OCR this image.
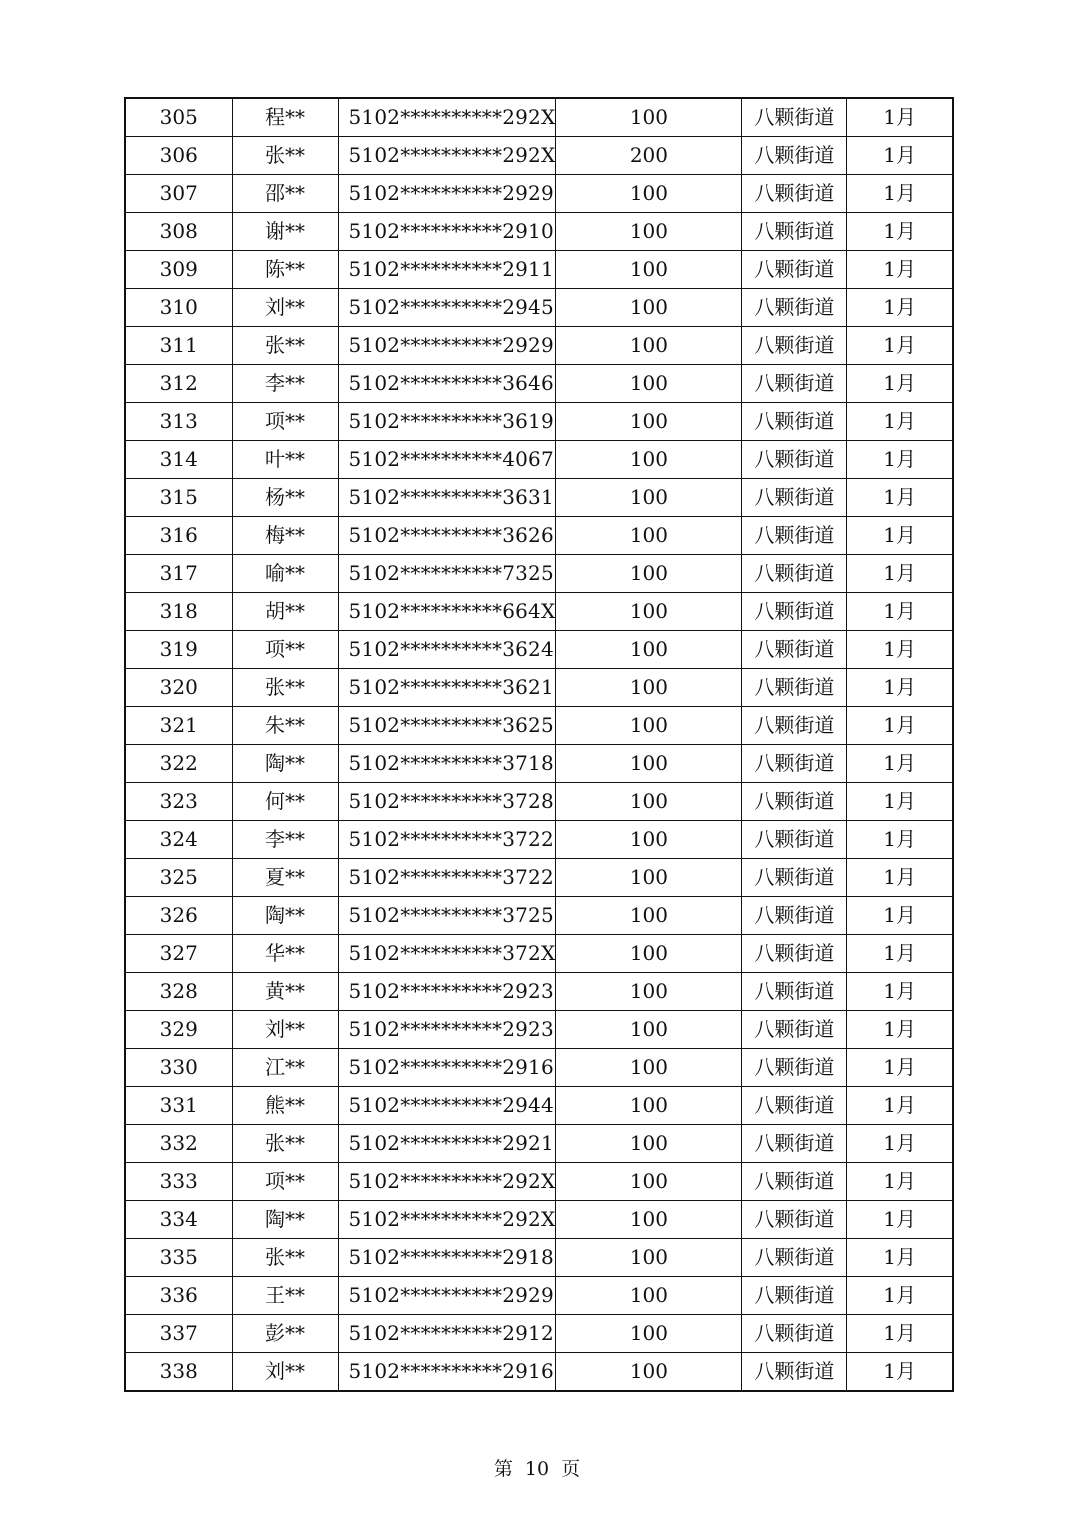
305	程**	5102**********292X	100	八颗街道	1月
306	张**	5102**********292X	200	八颗街道	1月
307	邵**	5102**********2929	100	八颗街道	1月
308	谢**	5102**********2910	100	八颗街道	1月
309	陈**	5102**********2911	100	八颗街道	1月
310	刘**	5102**********2945	100	八颗街道	1月
311	张**	5102**********2929	100	八颗街道	1月
312	李**	5102**********3646	100	八颗街道	1月
313	项**	5102**********3619	100	八颗街道	1月
314	叶**	5102**********4067	100	八颗街道	1月
315	杨**	5102**********3631	100	八颗街道	1月
316	梅**	5102**********3626	100	八颗街道	1月
317	喻**	5102**********7325	100	八颗街道	1月
318	胡**	5102**********664X	100	八颗街道	1月
319	项**	5102**********3624	100	八颗街道	1月
320	张**	5102**********3621	100	八颗街道	1月
321	朱**	5102**********3625	100	八颗街道	1月
322	陶**	5102**********3718	100	八颗街道	1月
323	何**	5102**********3728	100	八颗街道	1月
324	李**	5102**********3722	100	八颗街道	1月
325	夏**	5102**********3722	100	八颗街道	1月
326	陶**	5102**********3725	100	八颗街道	1月
327	华**	5102**********372X	100	八颗街道	1月
328	黄**	5102**********2923	100	八颗街道	1月
329	刘**	5102**********2923	100	八颗街道	1月
330	江**	5102**********2916	100	八颗街道	1月
331	熊**	5102**********2944	100	八颗街道	1月
332	张**	5102**********2921	100	八颗街道	1月
333	项**	5102**********292X	100	八颗街道	1月
334	陶**	5102**********292X	100	八颗街道	1月
335	张**	5102**********2918	100	八颗街道	1月
336	王**	5102**********2929	100	八颗街道	1月
337	彭**	5102**********2912	100	八颗街道	1月
338	刘**	5102**********2916	100	八颗街道	1月
第 10 页
